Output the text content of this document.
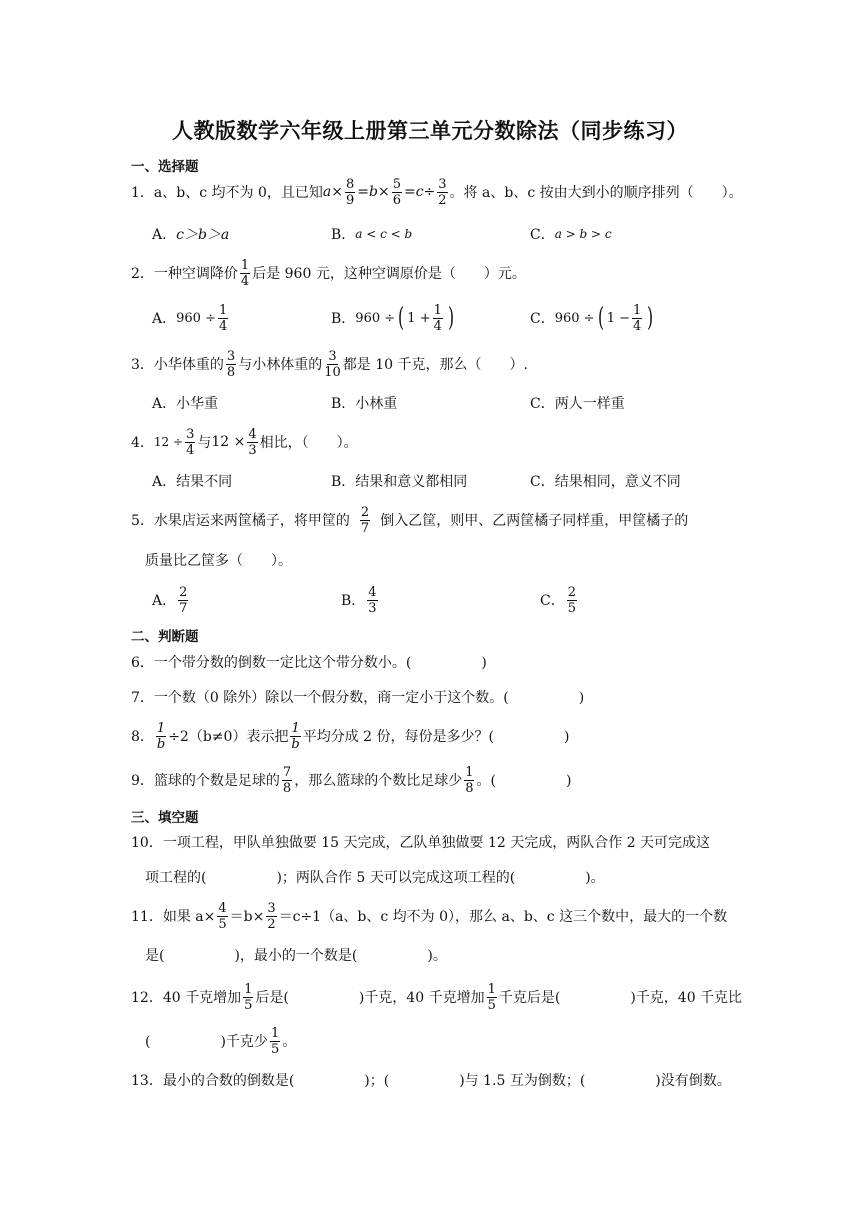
人教版数学六年级上册第三单元分数除法（同步练习）
一、选择题
1．a、b、c 均不为 0，且已知 $a \times \frac{8}{9} = b \times \frac{5}{6} = c \div \frac{3}{2}$ 。将 a、b、c 按由大到小的顺序排列（　　）。
A． c＞b＞a	B． a < c < b	C． a > b > c
2．一种空调降价 $\frac{1}{4}$ 后是 960 元，这种空调原价是（　　）元。
A． $960 \div \frac{1}{4}$	B． 960 ÷ ( $1 + \frac{1}{4}$ )	C． 960 ÷ ( $1 - \frac{1}{4}$ )
3．小华体重的 $\frac{3}{8}$ 与小林体重的 $\frac{3}{10}$ 都是 10 千克，那么（　　）.
A．小华重	B．小林重	C．两人一样重
4． $12 \div \frac{3}{4}$ 与 $12 \times \frac{4}{3}$ 相比，（　　）。
A．结果不同	B．结果和意义都相同	C．结果相同，意义不同
5．水果店运来两筐橘子，将甲筐的 $\frac{2}{7}$ 倒入乙筐，则甲、乙两筐橘子同样重，甲筐橘子的
质量比乙筐多（　　）。
A． $\frac{2}{7}$	B． $\frac{4}{3}$	C． $\frac{2}{5}$
二、判断题
6．一个带分数的倒数一定比这个带分数小。(　　　　　)
7．一个数（0 除外）除以一个假分数，商一定小于这个数。(　　　　　)
8． $\frac{1}{b} \div 2(b\ne 0)$表示把 $\frac{1}{b}$ 平均分成 2 份，每份是多少？(　　　　　)
9．篮球的个数是足球的 $\frac{7}{8}$ ，那么篮球的个数比足球少 $\frac{1}{8}$ 。(　　　　　)
三、填空题
10．一项工程，甲队单独做要 15 天完成，乙队单独做要 12 天完成，两队合作 2 天可完成这
项工程的(　　　　　)；两队合作 5 天可以完成这项工程的(　　　　　)。
11．如果 $a\times \frac{4}{5} =b\times \frac{3}{2} =c\div 1(a$、b、c 均不为 0），那么 a、b、c 这三个数中，最大的一个数
是(　　　　　)，最小的一个数是(　　　　　)。
12．40 千克增加 $\frac{1}{5}$ 后是(　　　　　)千克，40 千克增加 $\frac{1}{5}$ 千克后是(　　　　　)千克，40 千克比
(　　　　　)千克少 $\frac{1}{5}$ 。
13．最小的合数的倒数是(　　　　　)；(　　　　　)与 1.5 互为倒数；(　　　　　)没有倒数。
